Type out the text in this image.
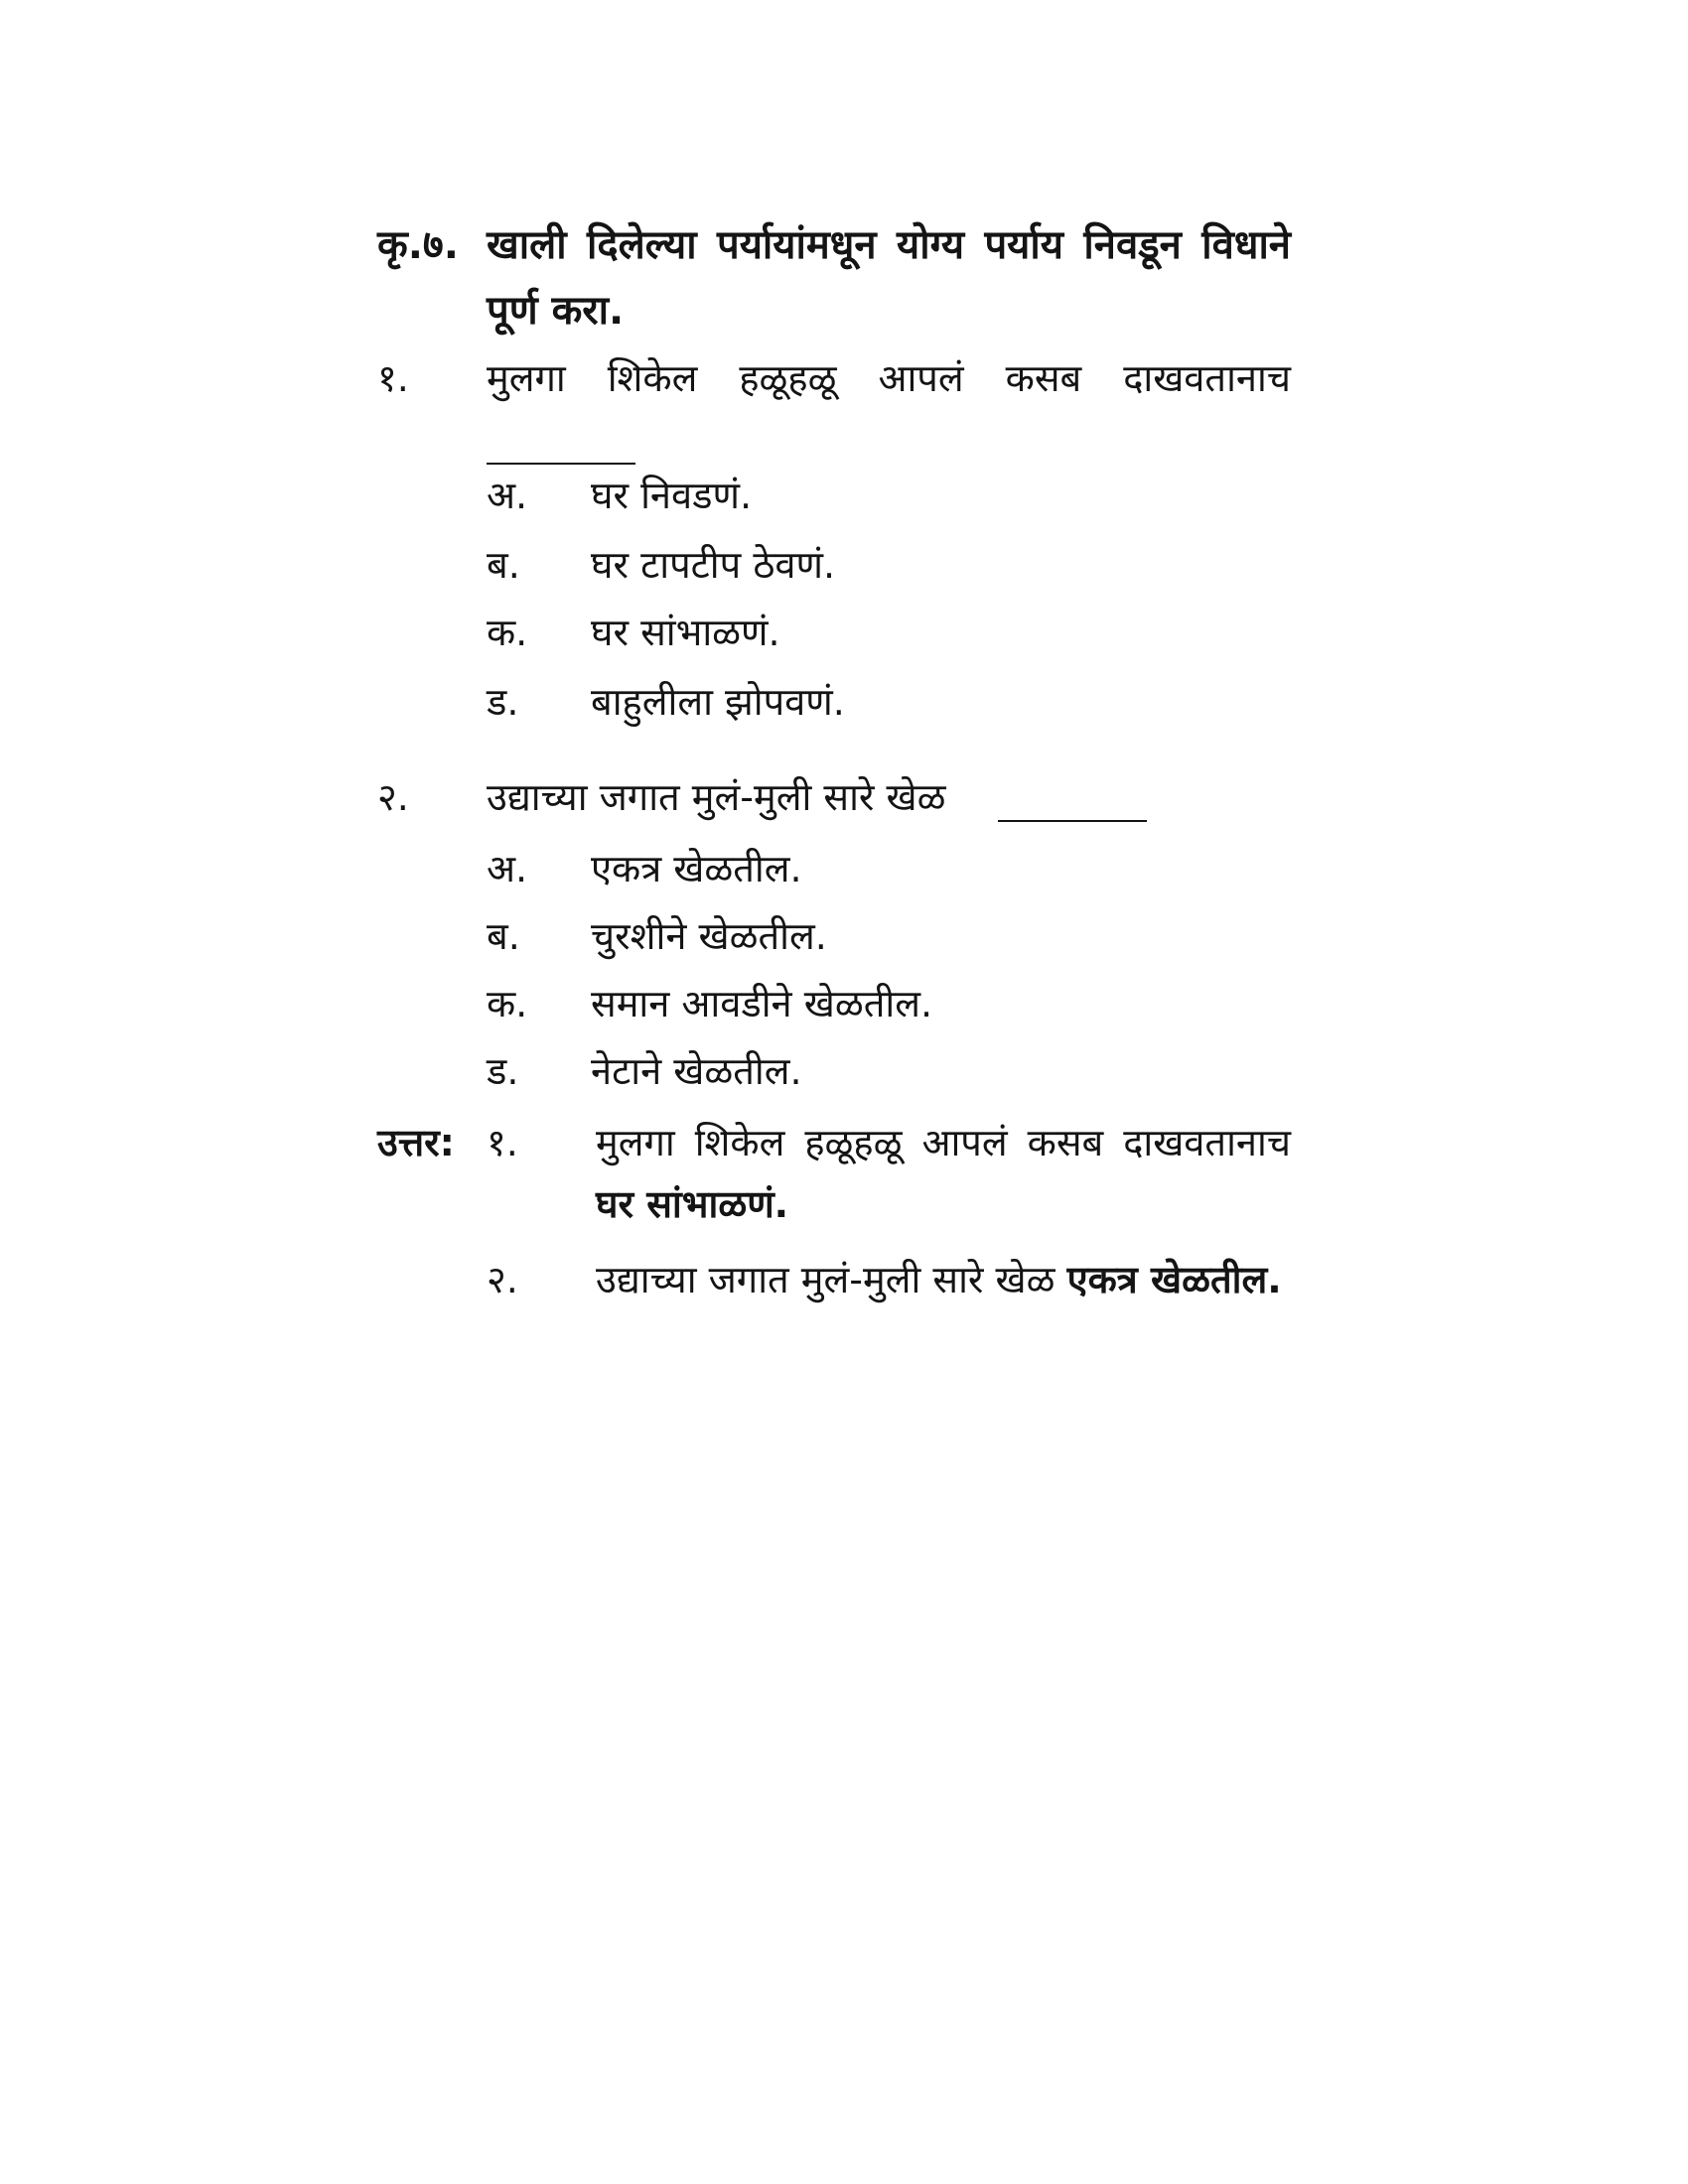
कृ.७. खाली दिलेल्या पर्यायांमधून योग्य पर्याय निवडून विधाने पूर्ण करा.
१. मुलगा शिकेल हळूहळू आपलं कसब दाखवतानाच
अ. घर निवडणं.
ब. घर टापटीप ठेवणं.
क. घर सांभाळणं.
ड. बाहुलीला झोपवणं.
२. उद्याच्या जगात मुलं-मुली सारे खेळ
अ. एकत्र खेळतील.
ब. चुरशीने खेळतील.
क. समान आवडीने खेळतील.
ड. नेटाने खेळतील.
उत्तर: १. मुलगा शिकेल हळूहळू आपलं कसब दाखवतानाच घर सांभाळणं.
२. उद्याच्या जगात मुलं-मुली सारे खेळ एकत्र खेळतील.
